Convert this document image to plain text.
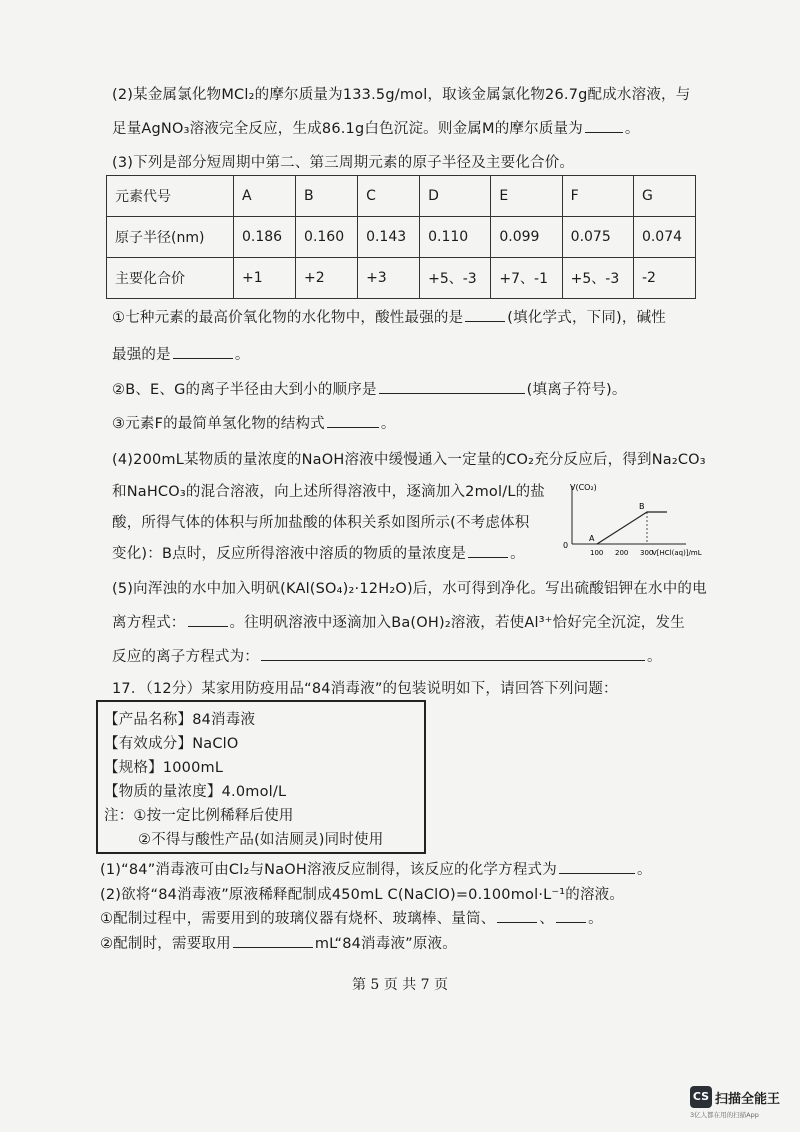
(2)某金属氯化物MCl₂的摩尔质量为133.5g/mol，取该金属氯化物26.7g配成水溶液，与
足量AgNO₃溶液完全反应，生成86.1g白色沉淀。则金属M的摩尔质量为	。
(3)下列是部分短周期中第二、第三周期元素的原子半径及主要化合价。
元素代号	A	B	C	D	E	F	G
原子半径(nm)	0.186	0.160	0.143	0.110	0.099	0.075	0.074
主要化合价	+1	+2	+3	+5、-3	+7、-1	+5、-3	-2
①七种元素的最高价氧化物的水化物中，酸性最强的是	(填化学式，下同)，碱性
最强的是	。
②B、E、G的离子半径由大到小的顺序是	(填离子符号)。
③元素F的最简单氢化物的结构式	。
(4)200mL某物质的量浓度的NaOH溶液中缓慢通入一定量的CO₂充分反应后，得到Na₂CO₃
和NaHCO₃的混合溶液，向上述所得溶液中，逐滴加入2mol/L的盐
酸，所得气体的体积与所加盐酸的体积关系如图所示(不考虑体积
变化)：B点时，反应所得溶液中溶质的物质的量浓度是	。
V(CO₂)
V[HCl(aq)]/mL
0
100 200 300
A
B
(5)向浑浊的水中加入明矾(KAl(SO₄)₂·12H₂O)后，水可得到净化。写出硫酸铝钾在水中的电
离方程式：	。往明矾溶液中逐滴加入Ba(OH)₂溶液，若使Al³⁺恰好完全沉淀，发生
反应的离子方程式为：	。
17．（12分）某家用防疫用品“84消毒液”的包装说明如下，请回答下列问题：
【产品名称】84消毒液
【有效成分】NaClO
【规格】1000mL
【物质的量浓度】4.0mol/L
注：①按一定比例稀释后使用
②不得与酸性产品(如洁厕灵)同时使用
(1)“84”消毒液可由Cl₂与NaOH溶液反应制得，该反应的化学方程式为	。
(2)欲将“84消毒液”原液稀释配制成450mL C(NaClO)=0.100mol·L⁻¹的溶液。
①配制过程中，需要用到的玻璃仪器有烧杯、玻璃棒、量筒、	、 。
②配制时，需要取用	mL“84消毒液”原液。
第 5 页 共 7 页
CS 扫描全能王
3亿人都在用的扫描App
